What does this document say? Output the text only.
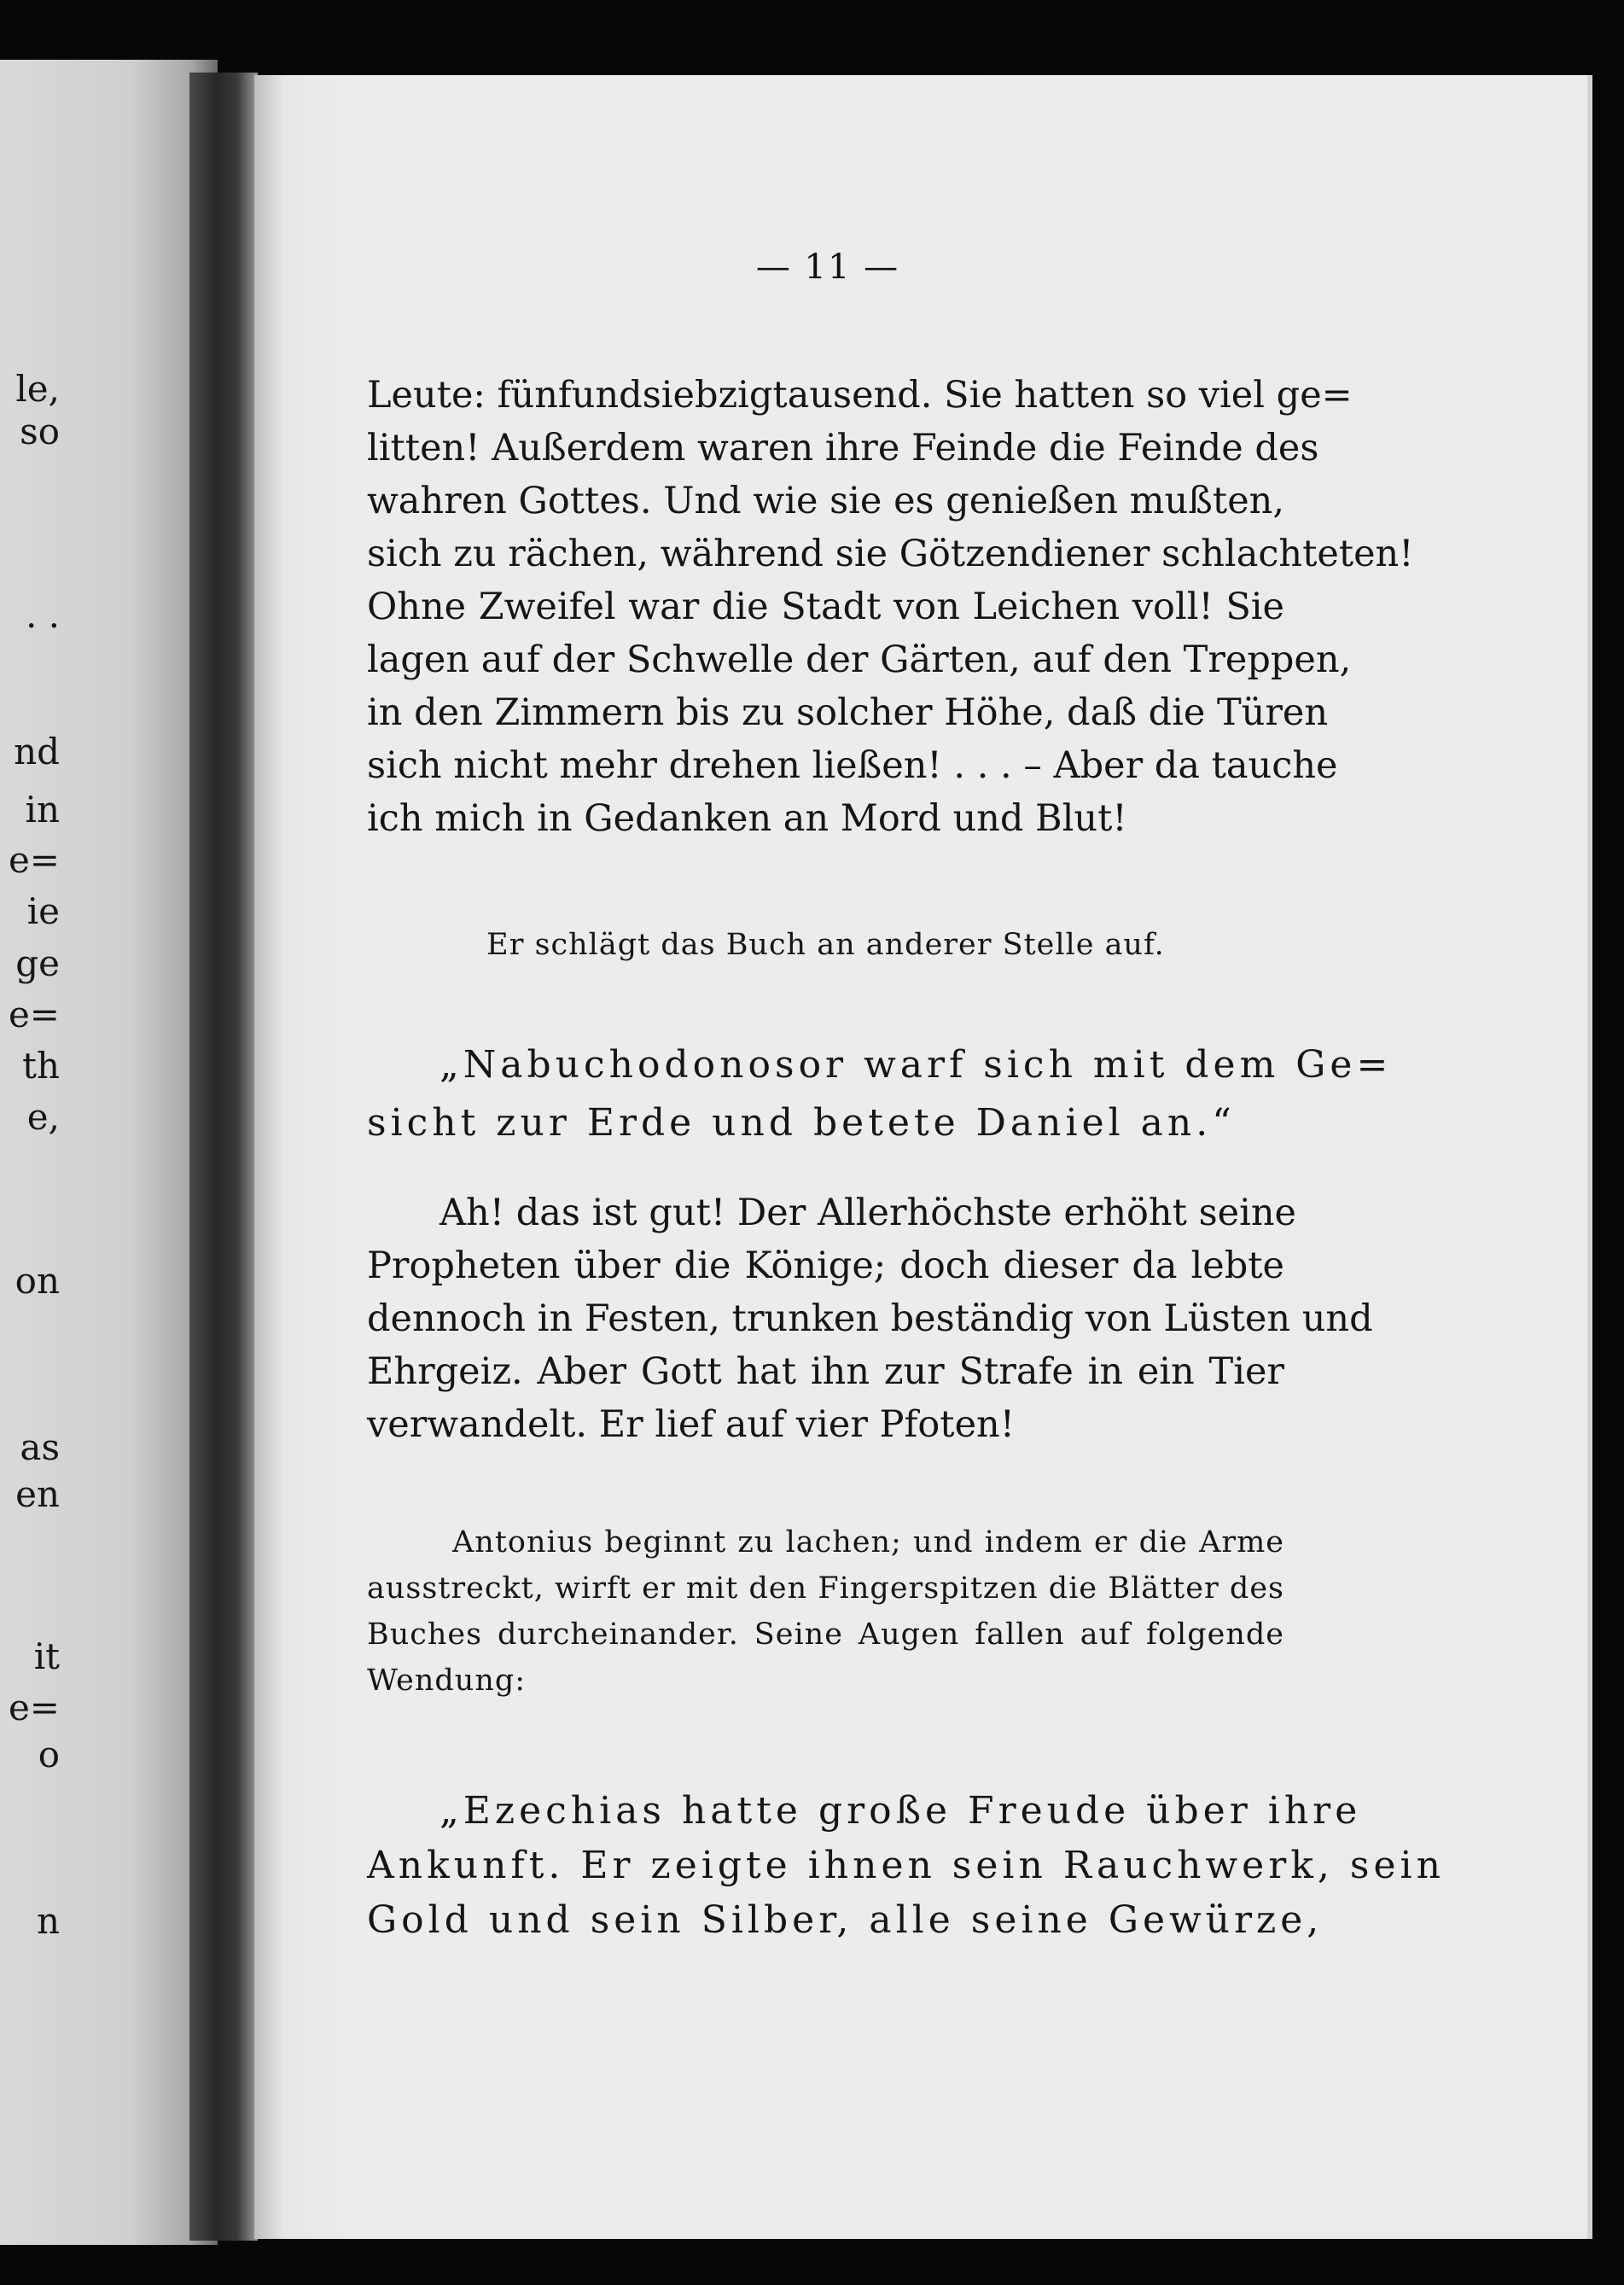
le,
so
. .
nd
in
e=
ie
ge
e=
th
e,
on
as
en
it
e=
o
n
— 11 —
Leute: fünfundsiebzigtausend. Sie hatten so viel ge=
litten! Außerdem waren ihre Feinde die Feinde des
wahren Gottes. Und wie sie es genießen mußten,
sich zu rächen, während sie Götzendiener schlachteten!
Ohne Zweifel war die Stadt von Leichen voll! Sie
lagen auf der Schwelle der Gärten, auf den Treppen,
in den Zimmern bis zu solcher Höhe, daß die Türen
sich nicht mehr drehen ließen! . . . – Aber da tauche
ich mich in Gedanken an Mord und Blut!
Er schlägt das Buch an anderer Stelle auf.
„Nabuchodonosor warf sich mit dem Ge=
sicht zur Erde und betete Daniel an.“
Ah! das ist gut! Der Allerhöchste erhöht seine
Propheten über die Könige; doch dieser da lebte
dennoch in Festen, trunken beständig von Lüsten und
Ehrgeiz. Aber Gott hat ihn zur Strafe in ein Tier
verwandelt. Er lief auf vier Pfoten!
Antonius beginnt zu lachen; und indem er die Arme
ausstreckt, wirft er mit den Fingerspitzen die Blätter des
Buches durcheinander. Seine Augen fallen auf folgende
Wendung:
„Ezechias hatte große Freude über ihre
Ankunft. Er zeigte ihnen sein Rauchwerk, sein
Gold und sein Silber, alle seine Gewürze,
